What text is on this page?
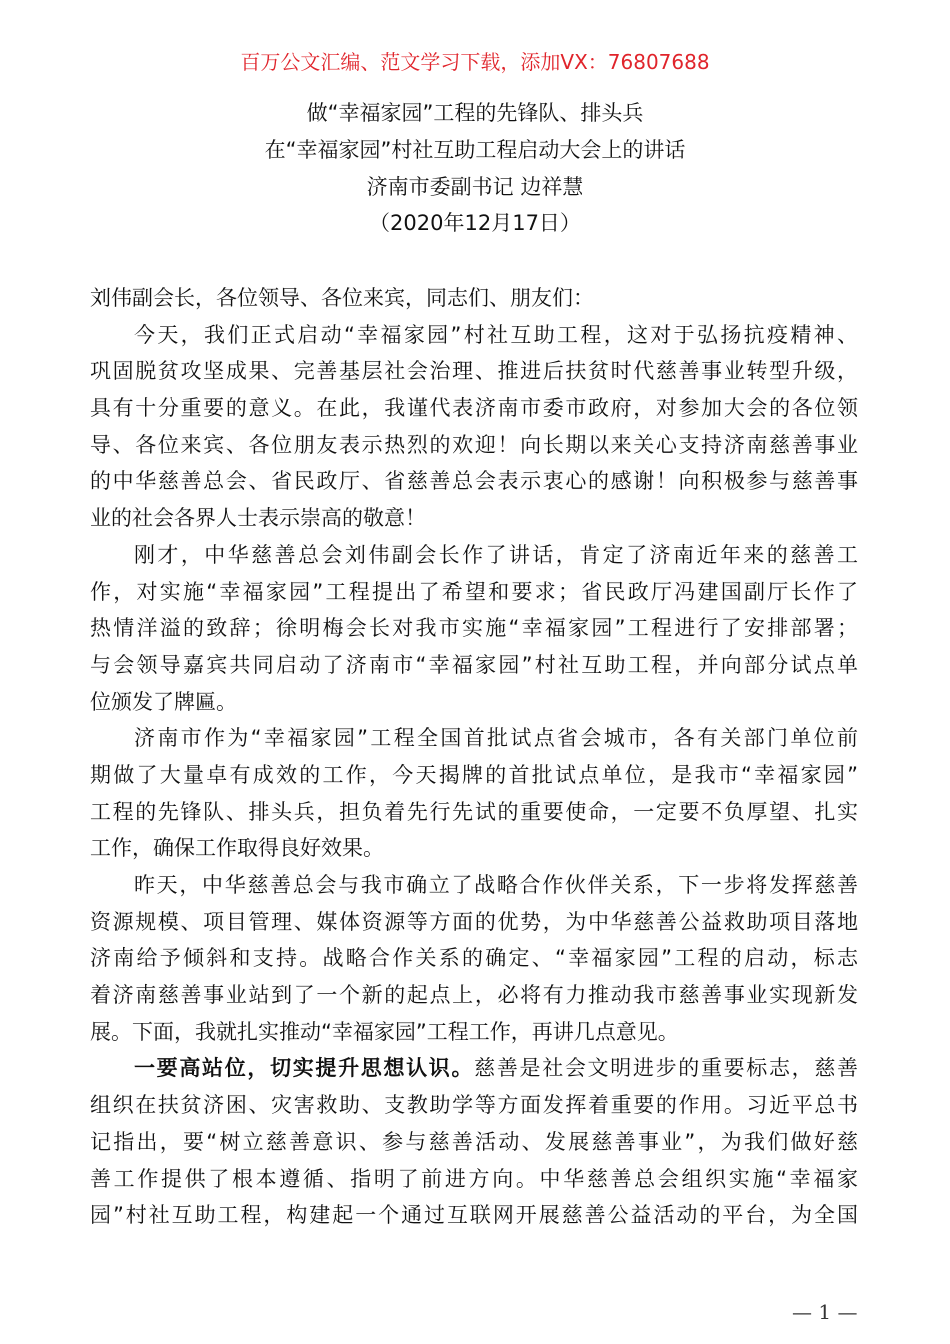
百万公文汇编、范文学习下载，添加VX：76807688
做“幸福家园”工程的先锋队、排头兵
在“幸福家园”村社互助工程启动大会上的讲话
济南市委副书记 边祥慧
（2020年12月17日）
刘伟副会长，各位领导、各位来宾，同志们、朋友们：
今天，我们正式启动“幸福家园”村社互助工程，这对于弘扬抗疫精神、
巩固脱贫攻坚成果、完善基层社会治理、推进后扶贫时代慈善事业转型升级，
具有十分重要的意义。在此，我谨代表济南市委市政府，对参加大会的各位领
导、各位来宾、各位朋友表示热烈的欢迎！向长期以来关心支持济南慈善事业
的中华慈善总会、省民政厅、省慈善总会表示衷心的感谢！向积极参与慈善事
业的社会各界人士表示崇高的敬意！
刚才，中华慈善总会刘伟副会长作了讲话，肯定了济南近年来的慈善工
作，对实施“幸福家园”工程提出了希望和要求；省民政厅冯建国副厅长作了
热情洋溢的致辞；徐明梅会长对我市实施“幸福家园”工程进行了安排部署；
与会领导嘉宾共同启动了济南市“幸福家园”村社互助工程，并向部分试点单
位颁发了牌匾。
济南市作为“幸福家园”工程全国首批试点省会城市，各有关部门单位前
期做了大量卓有成效的工作，今天揭牌的首批试点单位，是我市“幸福家园”
工程的先锋队、排头兵，担负着先行先试的重要使命，一定要不负厚望、扎实
工作，确保工作取得良好效果。
昨天，中华慈善总会与我市确立了战略合作伙伴关系，下一步将发挥慈善
资源规模、项目管理、媒体资源等方面的优势，为中华慈善公益救助项目落地
济南给予倾斜和支持。战略合作关系的确定、“幸福家园”工程的启动，标志
着济南慈善事业站到了一个新的起点上，必将有力推动我市慈善事业实现新发
展。下面，我就扎实推动“幸福家园”工程工作，再讲几点意见。
一要高站位，切实提升思想认识。慈善是社会文明进步的重要标志，慈善
组织在扶贫济困、灾害救助、支教助学等方面发挥着重要的作用。习近平总书
记指出，要“树立慈善意识、参与慈善活动、发展慈善事业”，为我们做好慈
善工作提供了根本遵循、指明了前进方向。中华慈善总会组织实施“幸福家
园”村社互助工程，构建起一个通过互联网开展慈善公益活动的平台，为全国
— 1 —
